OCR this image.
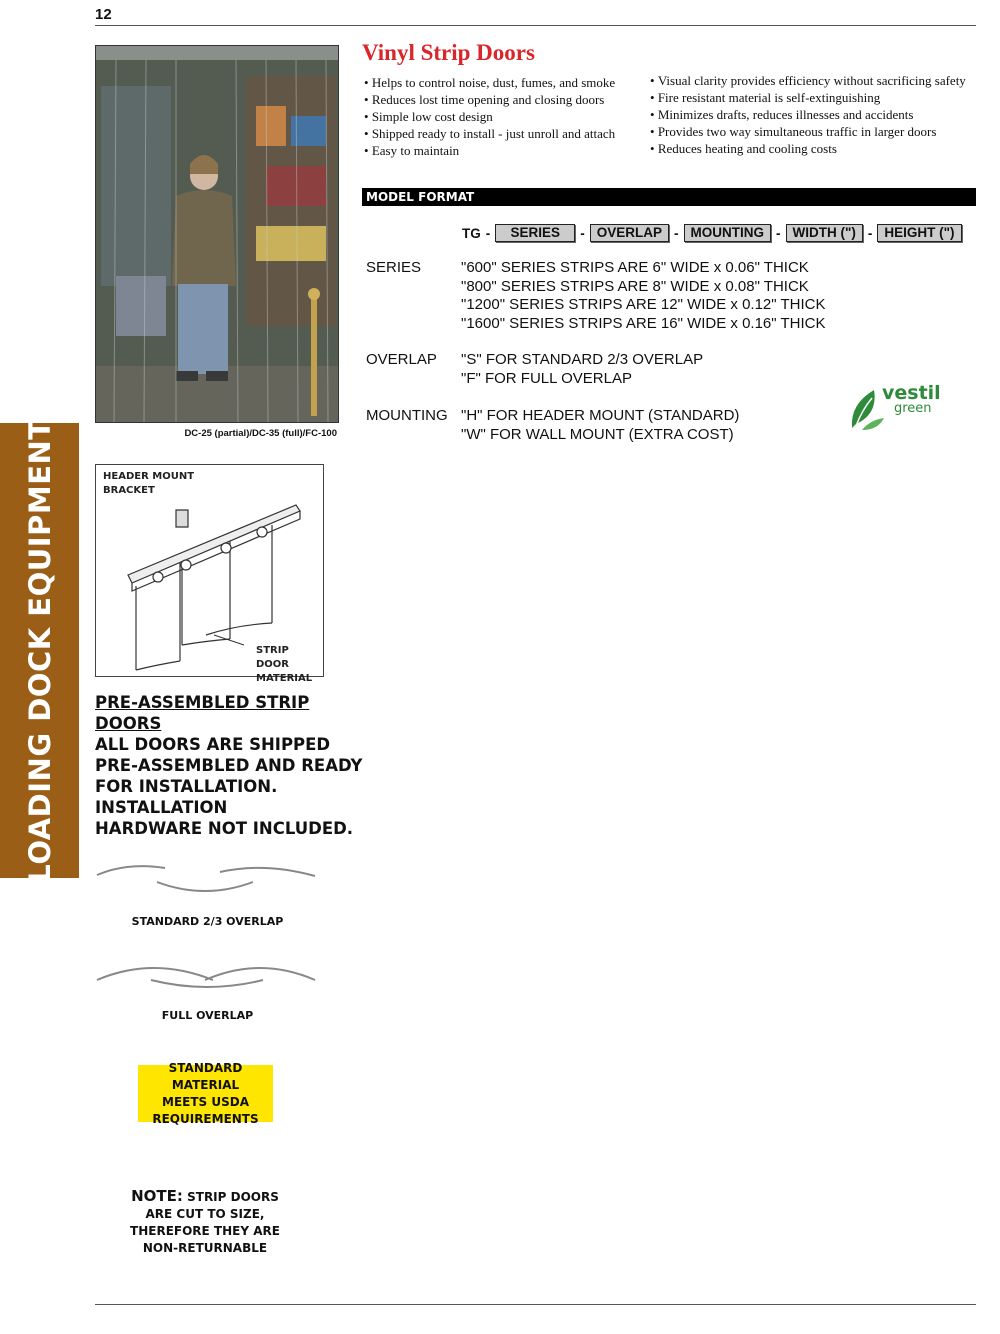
12
LOADING DOCK EQUIPMENT	DC-25 (partial)/DC-35 (full)/FC-100
HEADER MOUNT
BRACKET
STRIP DOOR
MATERIAL
PRE-ASSEMBLED STRIP DOORS
ALL DOORS ARE SHIPPED
PRE-ASSEMBLED AND READY
FOR INSTALLATION. INSTALLATION
HARDWARE NOT INCLUDED.
STANDARD 2/3 OVERLAP
FULL OVERLAP
STANDARD MATERIAL
MEETS USDA
REQUIREMENTS
NOTE: STRIP DOORS
ARE CUT TO SIZE,
THEREFORE THEY ARE
NON-RETURNABLE
Vinyl Strip Doors
• Helps to control noise, dust, fumes, and smoke
• Reduces lost time opening and closing doors
• Simple low cost design
• Shipped ready to install - just unroll and attach
• Easy to maintain
• Visual clarity provides efficiency without sacrificing safety
• Fire resistant material is self-extinguishing
• Minimizes drafts, reduces illnesses and accidents
• Provides two way simultaneous traffic in larger doors
• Reduces heating and cooling costs
MODEL FORMAT
TG -	SERIES	- OVERLAP - MOUNTING - WIDTH (") - HEIGHT (")
SERIES	"600" SERIES STRIPS ARE 6" WIDE x 0.06" THICK
"800" SERIES STRIPS ARE 8" WIDE x 0.08" THICK
"1200" SERIES STRIPS ARE 12" WIDE x 0.12" THICK
"1600" SERIES STRIPS ARE 16" WIDE x 0.16" THICK
OVERLAP "S" FOR STANDARD 2/3 OVERLAP
"F" FOR FULL OVERLAP
MOUNTING "H" FOR HEADER MOUNT (STANDARD)
"W" FOR WALL MOUNT (EXTRA COST)
vestil
green
